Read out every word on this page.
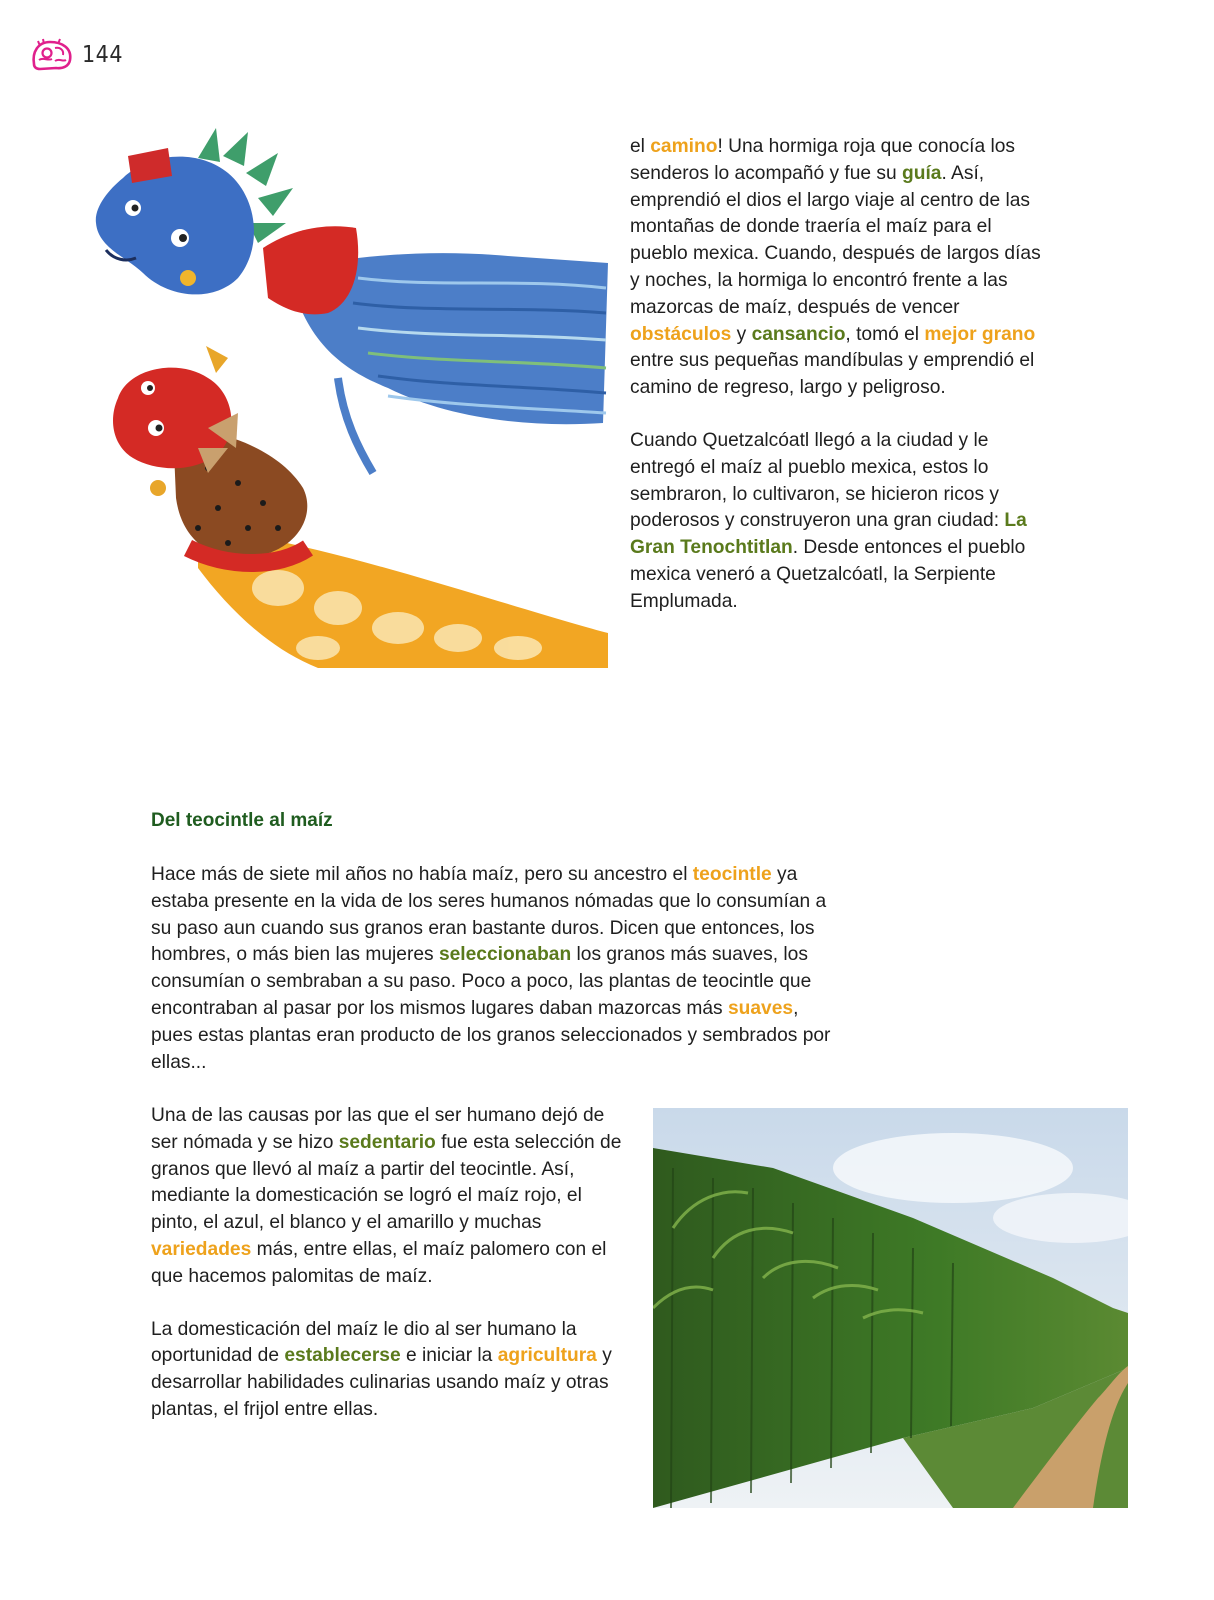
144

el camino! Una hormiga roja que conocía los senderos lo acompañó y fue su guía. Así, emprendió el dios el largo viaje al centro de las montañas de donde traería el maíz para el pueblo mexica. Cuando, después de largos días y noches, la hormiga lo encontró frente a las mazorcas de maíz, después de vencer obstáculos y cansancio, tomó el mejor grano entre sus pequeñas mandíbulas y emprendió el camino de regreso, largo y peligroso.

Cuando Quetzalcóatl llegó a la ciudad y le entregó el maíz al pueblo mexica, estos lo sembraron, lo cultivaron, se hicieron ricos y poderosos y construyeron una gran ciudad: La Gran Tenochtitlan. Desde entonces el pueblo mexica veneró a Quetzalcóatl, la Serpiente Emplumada.

Del teocintle al maíz

Hace más de siete mil años no había maíz, pero su ancestro el teocintle ya estaba presente en la vida de los seres humanos nómadas que lo consumían a su paso aun cuando sus granos eran bastante duros. Dicen que entonces, los hombres, o más bien las mujeres seleccionaban los granos más suaves, los consumían o sembraban a su paso. Poco a poco, las plantas de teocintle que encontraban al pasar por los mismos lugares daban mazorcas más suaves, pues estas plantas eran producto de los granos seleccionados y sembrados por ellas...

Una de las causas por las que el ser humano dejó de ser nómada y se hizo sedentario fue esta selección de granos que llevó al maíz a partir del teocintle. Así, mediante la domesticación se logró el maíz rojo, el pinto, el azul, el blanco y el amarillo y muchas variedades más, entre ellas, el maíz palomero con el que hacemos palomitas de maíz.

La domesticación del maíz le dio al ser humano la oportunidad de establecerse e iniciar la agricultura y desarrollar habilidades culinarias usando maíz y otras plantas, el frijol entre ellas.
